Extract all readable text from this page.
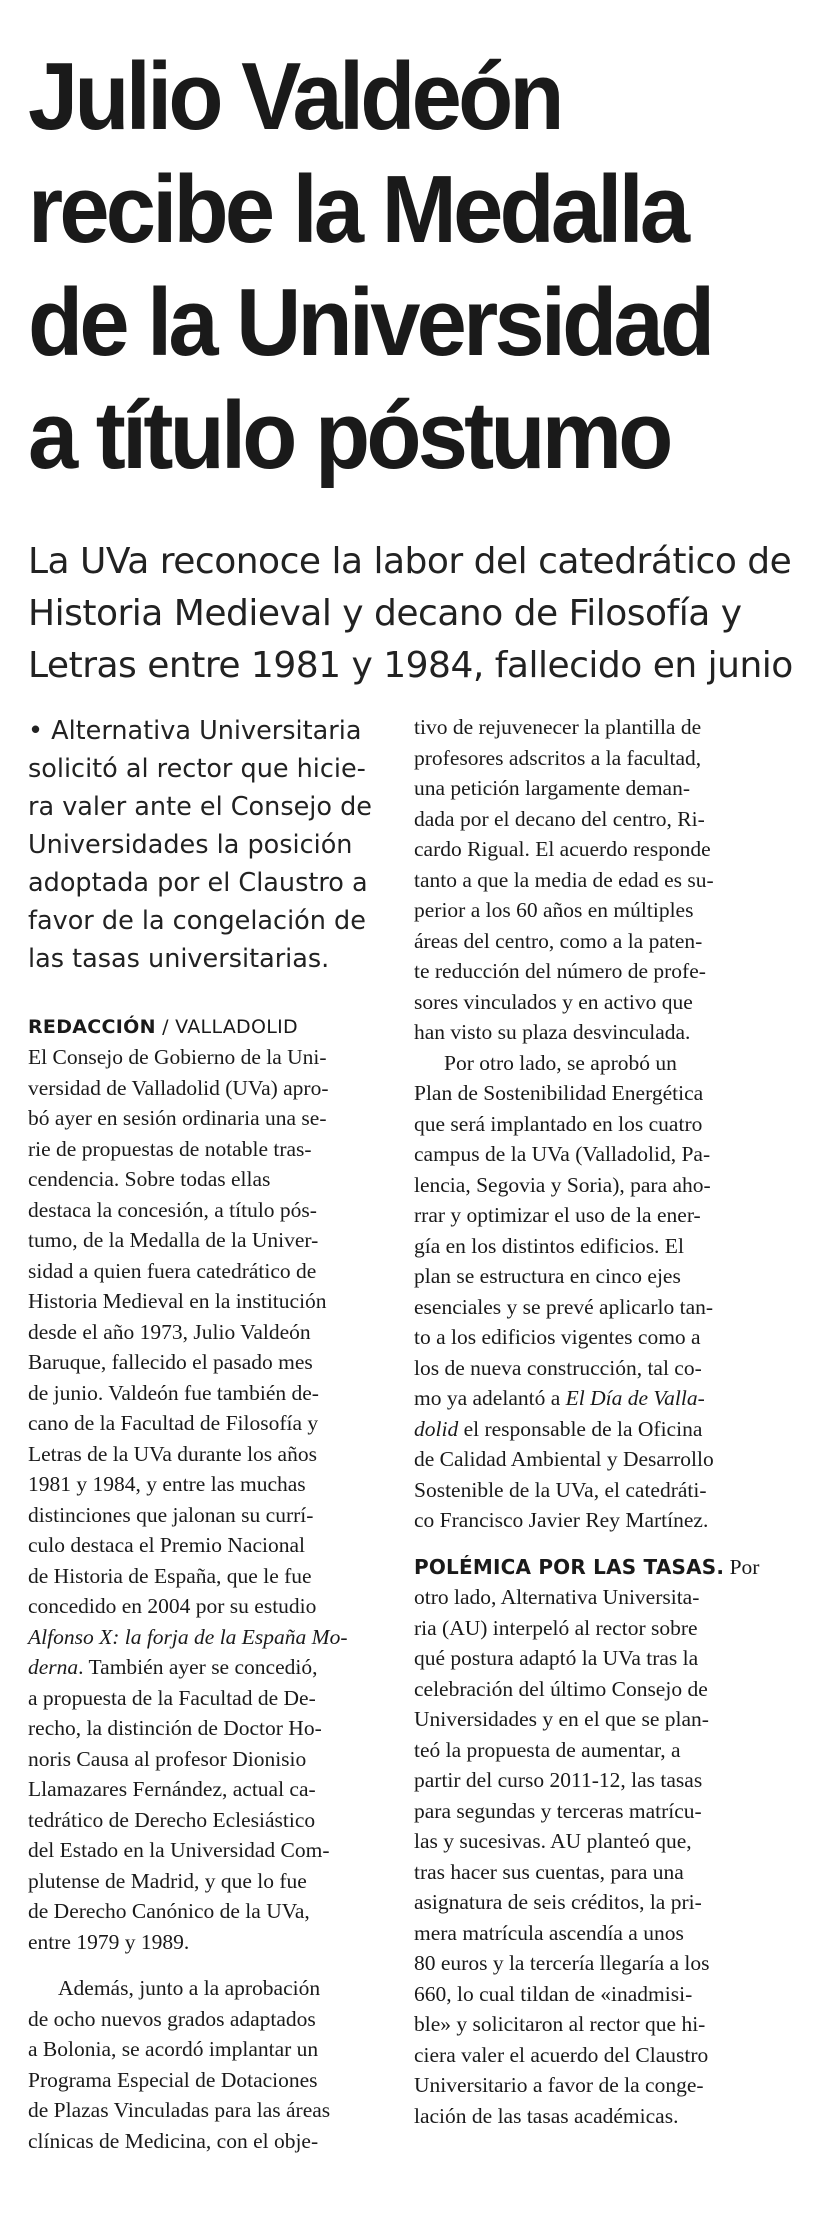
Julio Valdeón
recibe la Medalla
de la Universidad
a título póstumo
La UVa reconoce la labor del catedrático de
Historia Medieval y decano de Filosofía y
Letras entre 1981 y 1984, fallecido en junio
• Alternativa Universitaria
solicitó al rector que hicie-
ra valer ante el Consejo de
Universidades la posición
adoptada por el Claustro a
favor de la congelación de
las tasas universitarias.

REDACCIÓN / VALLADOLID

El Consejo de Gobierno de la Uni-
versidad de Valladolid (UVa) apro-
bó ayer en sesión ordinaria una se-
rie de propuestas de notable tras-
cendencia. Sobre todas ellas
destaca la concesión, a título pós-
tumo, de la Medalla de la Univer-
sidad a quien fuera catedrático de
Historia Medieval en la institución
desde el año 1973, Julio Valdeón
Baruque, fallecido el pasado mes
de junio. Valdeón fue también de-
cano de la Facultad de Filosofía y
Letras de la UVa durante los años
1981 y 1984, y entre las muchas
distinciones que jalonan su currí-
culo destaca el Premio Nacional
de Historia de España, que le fue
concedido en 2004 por su estudio
Alfonso X: la forja de la España Mo-
derna. También ayer se concedió,
a propuesta de la Facultad de De-
recho, la distinción de Doctor Ho-
noris Causa al profesor Dionisio
Llamazares Fernández, actual ca-
tedrático de Derecho Eclesiástico
del Estado en la Universidad Com-
plutense de Madrid, y que lo fue
de Derecho Canónico de la UVa,
entre 1979 y 1989.
Además, junto a la aprobación
de ocho nuevos grados adaptados
a Bolonia, se acordó implantar un
Programa Especial de Dotaciones
de Plazas Vinculadas para las áreas
clínicas de Medicina, con el obje-
tivo de rejuvenecer la plantilla de
profesores adscritos a la facultad,
una petición largamente deman-
dada por el decano del centro, Ri-
cardo Rigual. El acuerdo responde
tanto a que la media de edad es su-
perior a los 60 años en múltiples
áreas del centro, como a la paten-
te reducción del número de profe-
sores vinculados y en activo que
han visto su plaza desvinculada.
Por otro lado, se aprobó un
Plan de Sostenibilidad Energética
que será implantado en los cuatro
campus de la UVa (Valladolid, Pa-
lencia, Segovia y Soria), para aho-
rrar y optimizar el uso de la ener-
gía en los distintos edificios. El
plan se estructura en cinco ejes
esenciales y se prevé aplicarlo tan-
to a los edificios vigentes como a
los de nueva construcción, tal co-
mo ya adelantó a El Día de Valla-
dolid el responsable de la Oficina
de Calidad Ambiental y Desarrollo
Sostenible de la UVa, el catedráti-
co Francisco Javier Rey Martínez.
POLÉMICA POR LAS TASAS. Por
otro lado, Alternativa Universita-
ria (AU) interpeló al rector sobre
qué postura adaptó la UVa tras la
celebración del último Consejo de
Universidades y en el que se plan-
teó la propuesta de aumentar, a
partir del curso 2011-12, las tasas
para segundas y terceras matrícu-
las y sucesivas. AU planteó que,
tras hacer sus cuentas, para una
asignatura de seis créditos, la pri-
mera matrícula ascendía a unos
80 euros y la tercería llegaría a los
660, lo cual tildan de «inadmisi-
ble» y solicitaron al rector que hi-
ciera valer el acuerdo del Claustro
Universitario a favor de la conge-
lación de las tasas académicas.
